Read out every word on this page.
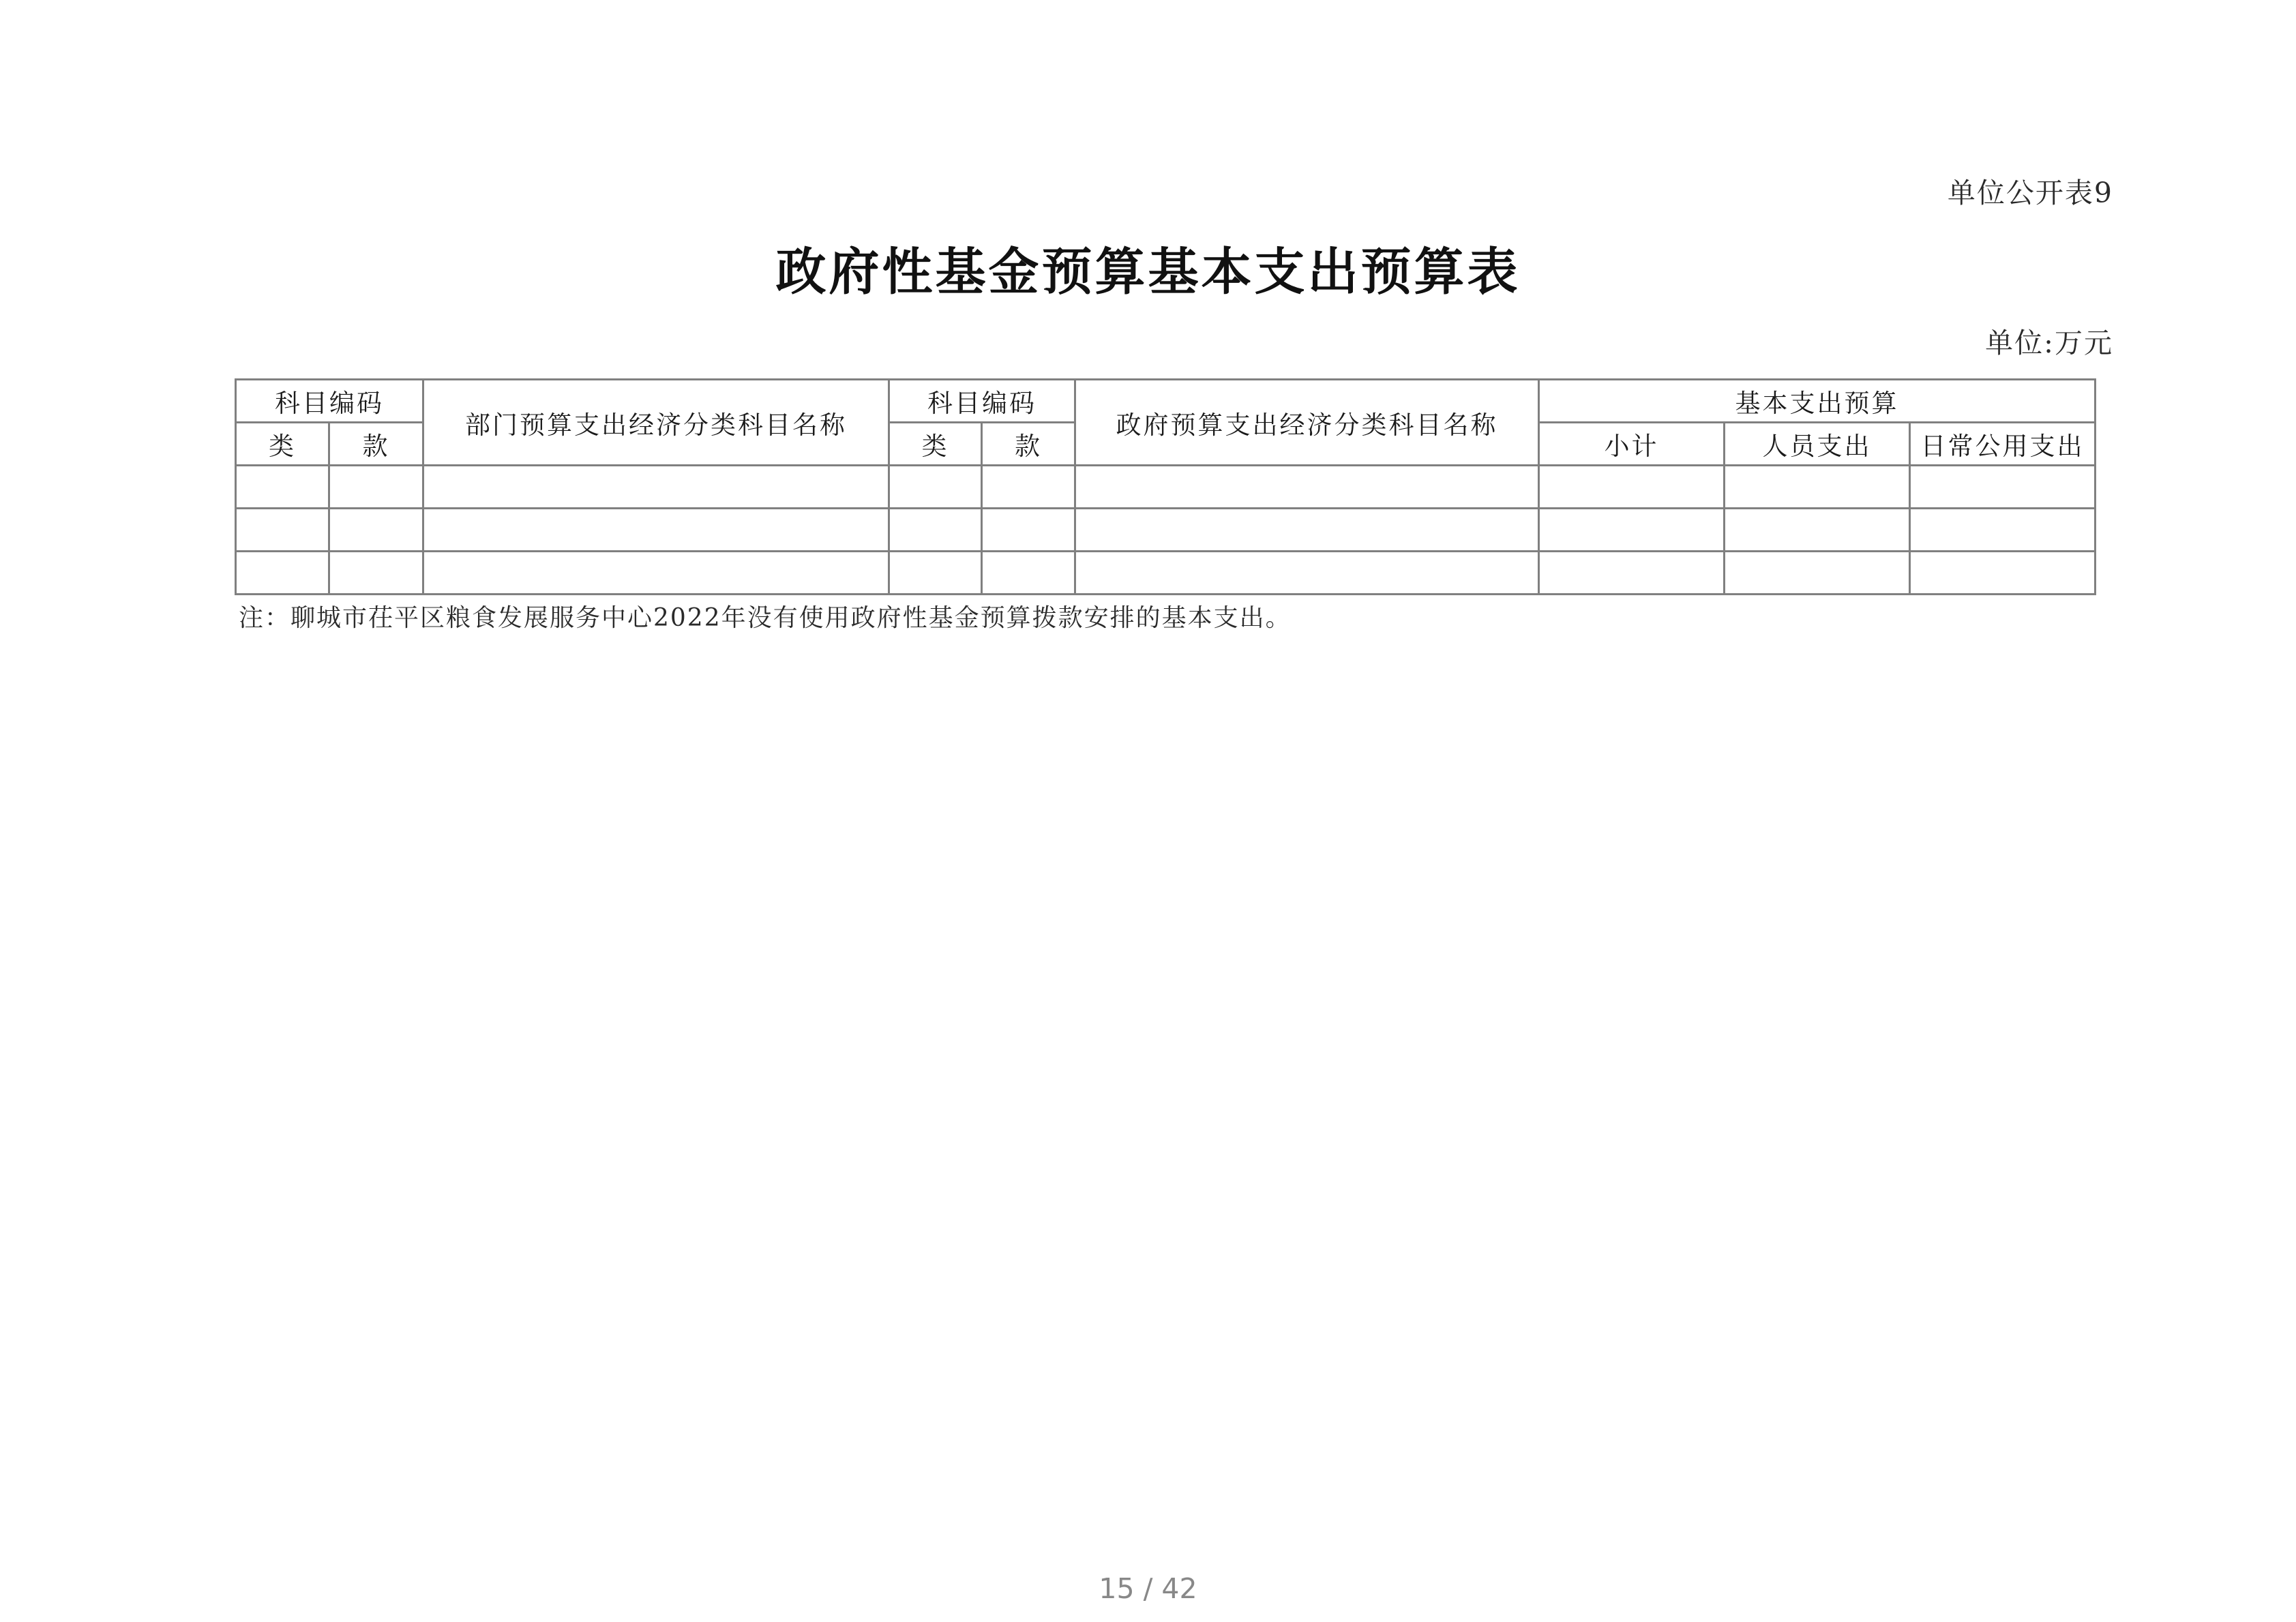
单位公开表9
政府性基金预算基本支出预算表
单位:万元
科目编码		部门预算支出经济分类科目名称	科目编码		政府预算支出经济分类科目名称	基本支出预算		
类	款		类	款		小计	人员支出	日常公用支出

注：聊城市茌平区粮食发展服务中心2022年没有使用政府性基金预算拨款安排的基本支出。
15 / 42
